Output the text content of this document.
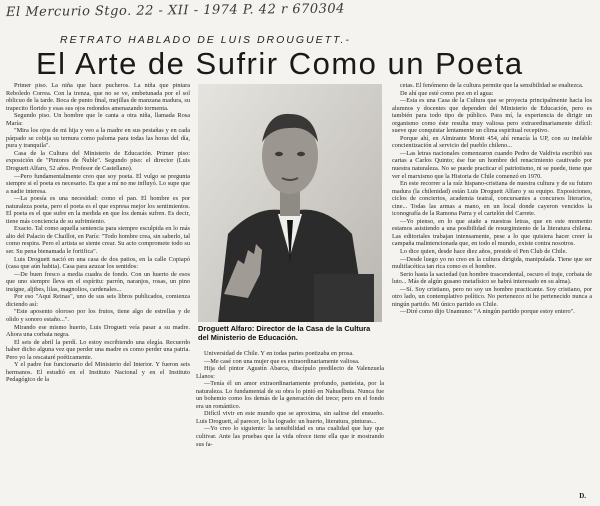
El Mercurio Stgo. 22 - XII - 1974 P. 42 r 670304
RETRATO HABLADO DE LUIS DROUGUETT.-
El Arte de Sufrir Como un Poeta

Primer piso. La niña que hace pucheros. La niña que pintara Reboledo Correa. Con la trenza, que no se ve, embetunada por el sol oblicuo de la tarde. Boca de punto final, mejillas de manzana madura, su trapecito florido y esas sus ojos redondos amenazando tormenta.

Segundo piso. Un hombre que le canta a otra niña, llamada Rosa María:

"Mira los ojos de mi hija y veo a la madre en sus pestañas y en cada párpado se cobija su ternura como paloma para todas las horas del día, pura y tranquila".

Casa de la Cultura del Ministerio de Educación. Primer piso: exposición de "Pintores de Ñuble". Segundo piso: el director (Luis Droguett Alfaro, 52 años. Profesor de Castellano).

—Pero fundamentalmente creo que soy poeta. El vulgo se pregunta siempre si el poeta es necesario. Es que a mí no me influyó. Lo supe que a nadie interesa.

—La poesía es una necesidad: como el pan. El hombre es por naturaleza poeta, pero el poeta es el que expresa mejor los sentimientos. El poeta es el que sufre en la medida en que los demás sufren. Es decir, tiene más conciencia de su sufrimiento.

Exacto. Tal como aquella sentencia para siempre esculpida en lo más alto del Palacio de Chaillot, en París: "Todo hombre crea, sin saberlo, tal como respira. Pero el artista se siente crear. Su acto compromete todo su ser. Su pena bienamada le fortifica".

Luis Droguett nació en una casa de dos patios, en la calle Copiapó (casa que aún habita). Casa para azuzar los sentidos:

—De buen fresco a media cuadra de fondo. Con un huerto de esos que uno siempre lleva en el espíritu: parrón, naranjos, rosas, un pino insigne, aljibes, lilas, magnolios, cardenales...

Por eso "Aquí Reinas", uno de sus seis libros publicados, comienza diciendo así:

"Este aposento oloroso por los frutos, tiene algo de estrellas y de olido y sonoro estaño...".

Mirando ese mismo huerto, Luis Droguett veía pasar a su madre. Ahora una corbata negra.

El seis de abril la perdí. Lo estoy escribiendo una elegía. Recuerdo haber dicho alguna vez que perder una madre es como perder una patria. Pero yo la rescataré poéticamente.

Y el padre fue funcionario del Ministerio del Interior. Y fueron seis hermanos. El estudió en el Instituto Nacional y en el Instituto Pedagógico de la

Droguett Alfaro: Director de la Casa de la Cultura del Ministerio de Educación.

Universidad de Chile. Y en todas partes poetizaba en prosa.

—Me casé con una mujer que es extraordinariamente valiosa.

Hija del pintor Agustín Abarca, discípulo predilecto de Valenzuela Llanos:

—Tenía él un amor extraordinariamente profundo, panteísta, por la naturaleza. Lo fundamental de su obra lo pintó en Nahuelbuta. Nunca fue un bohemio como los demás de la generación del trece; pero en el fondo era un romántico.

Difícil vivir en este mundo que se aproxima, sin salirse del ensueño. Luis Droguett, al parecer, lo ha logrado: un huerto, literatura, pinturas...

—Yo creo lo siguiente: la sensibilidad es una cualidad que hay que cultivar. Ante las pruebas que la vida ofrece tiene ella que ir mostrando sus fa-

cetas. El fenómeno de la cultura permite que la sensibilidad se enaltezca.

De ahí que esté como pez en el agua:

—Esta es una Casa de la Cultura que se proyecta principalmente hacia los alumnos y docentes que dependen del Ministerio de Educación, pero es también para todo tipo de público. Para mí, la experiencia de dirigir un organismo como éste resulta muy valiosa pero extraordinariamente difícil: sueve que conquistar lentamente un clima espiritual receptivo.

Porque ahí, en Almirante Montt 454, ahí renacía la UP, con su inefable concientización al servicio del pueblo chileno...

—Las letras nacionales comenzaron cuando Pedro de Valdivia escribió sus cartas a Carlos Quinto; ése fue un hombre del renacimiento cautivado por nuestra naturaleza. No se puede practicar el patriotismo, ni se puede, tiene que ver el marxismo que la Historia de Chile comenzó en 1970.

En este recorrer a la raíz hispano-cristiana de nuestra cultura y de su futuro madura (la chilenidad) están Luis Droguett Alfaro y su equipo. Exposiciones, ciclos de conciertos, academia teatral, concursantes a concursos literarios, cine... Todas las armas a mano, en un local donde cayeron vencidos la iconografía de la Ramona Parra y el cartelón del Carrete.

—Yo pienso, en lo que atañe a nuestras letras, que en este momento estamos asistiendo a una posibilidad de resurgimiento de la literatura chilena. Las editoriales trabajan intensamente, pese a lo que quisiera hacer creer la campaña malintencionada que, en todo el mundo, existe contra nosotros.

Lo dice quien, desde hace diez años, preside el Pen Club de Chile.

—Desde luego yo no creo en la cultura dirigida, manipulada. Tiene que ser multifacética tan rica como es el hombre.

Serio hasta la saciedad (un hombre trascendental, oscuro el traje, corbata de luto... Más de algún gusano metafísico se habrá interesado en su alma).

—Sí. Soy cristiano, pero no soy un hombre practicante. Soy cristiano, por otro lado, un contemplativo político. No pertenezco ni he pertenecido nunca a ningún partido. Mi único partido es Chile.

—Diré como dijo Unamuno: "A ningún partido porque estoy entero".

D.
